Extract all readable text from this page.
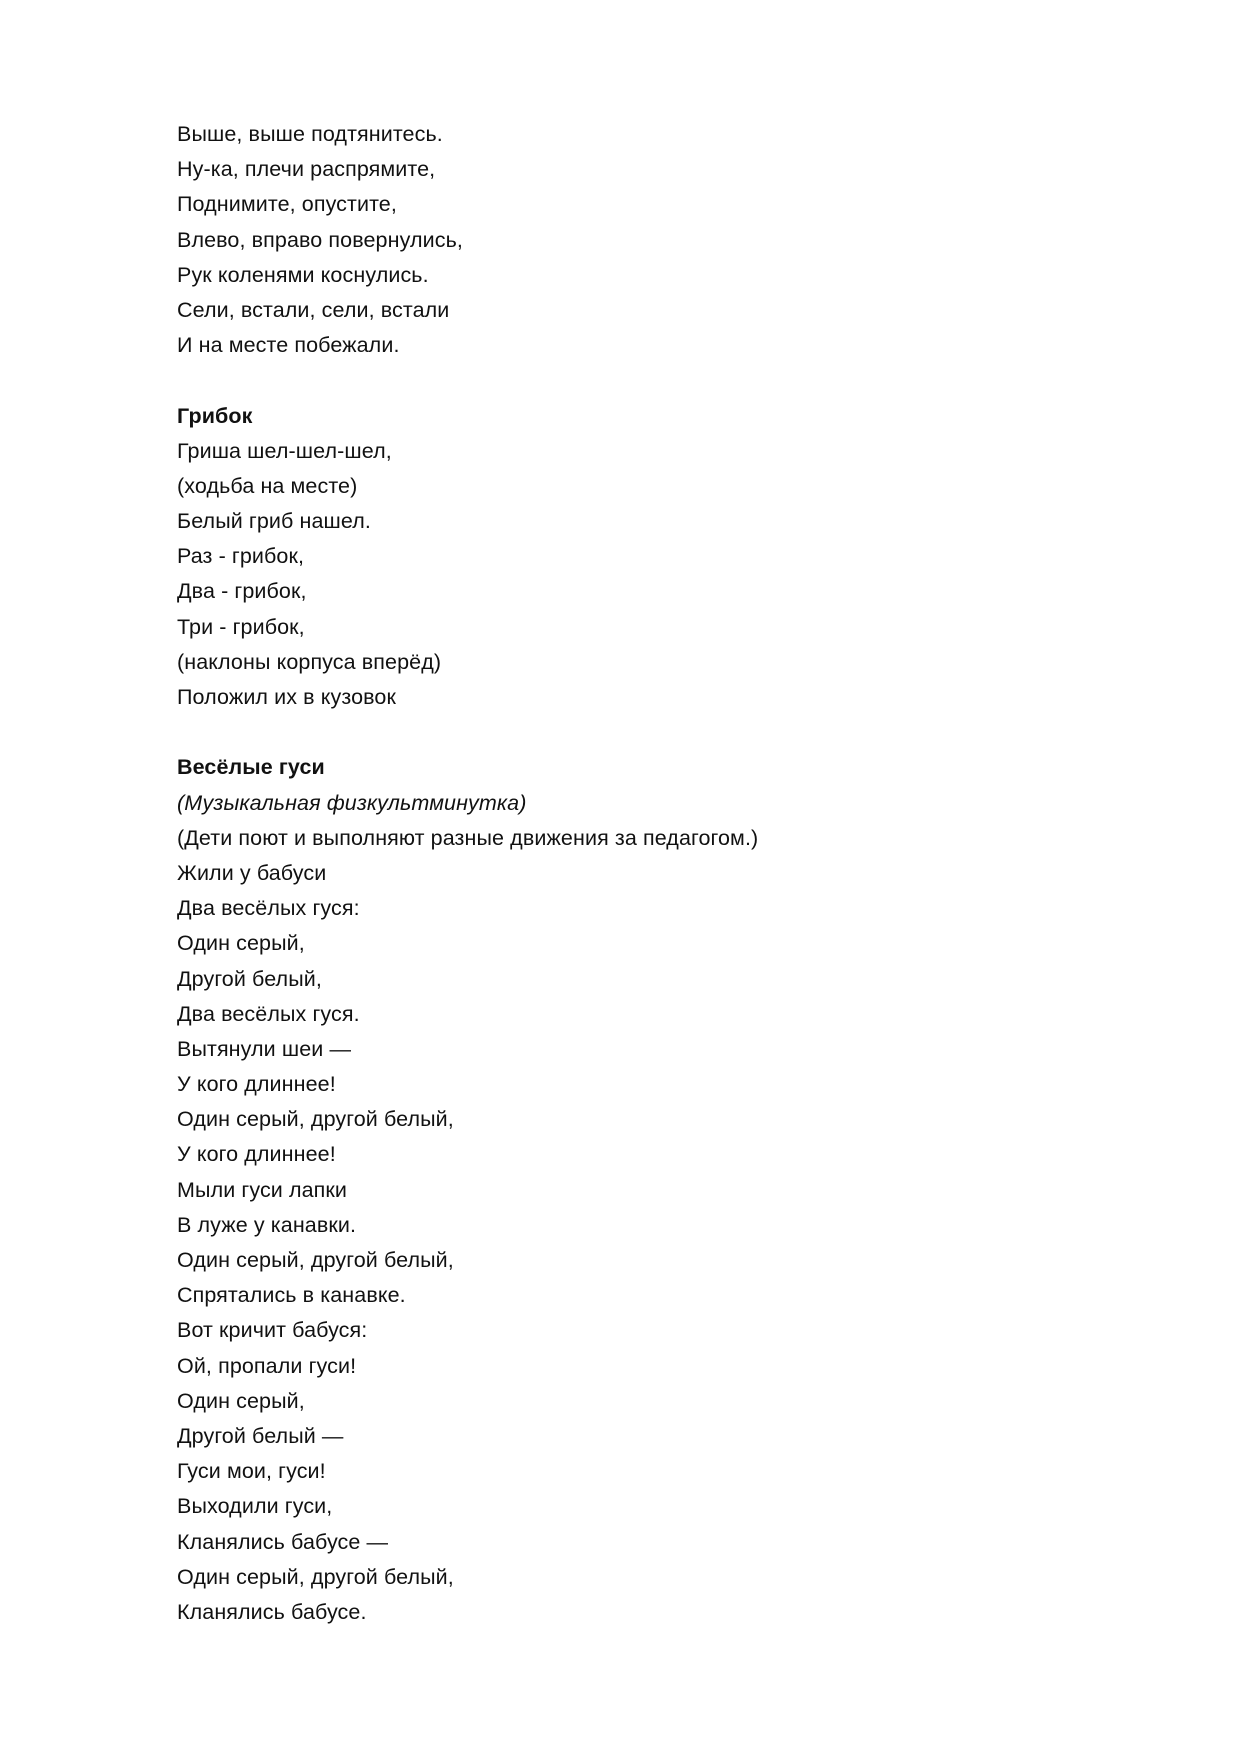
Выше, выше подтянитесь.
Ну-ка, плечи распрямите,
Поднимите, опустите,
Влево, вправо повернулись,
Рук коленями коснулись.
Сели, встали, сели, встали
И на месте побежали.
Грибок
Гриша шел-шел-шел,
(ходьба на месте)
Белый гриб нашел.
Раз - грибок,
Два - грибок,
Три - грибок,
(наклоны корпуса вперёд)
Положил их в кузовок
Весёлые гуси
(Музыкальная физкультминутка)
(Дети поют и выполняют разные движения за педагогом.)
Жили у бабуси
Два весёлых гуся:
Один серый,
Другой белый,
Два весёлых гуся.
Вытянули шеи —
У кого длиннее!
Один серый, другой белый,
У кого длиннее!
Мыли гуси лапки
В луже у канавки.
Один серый, другой белый,
Спрятались в канавке.
Вот кричит бабуся:
Ой, пропали гуси!
Один серый,
Другой белый —
Гуси мои, гуси!
Выходили гуси,
Кланялись бабусе —
Один серый, другой белый,
Кланялись бабусе.
